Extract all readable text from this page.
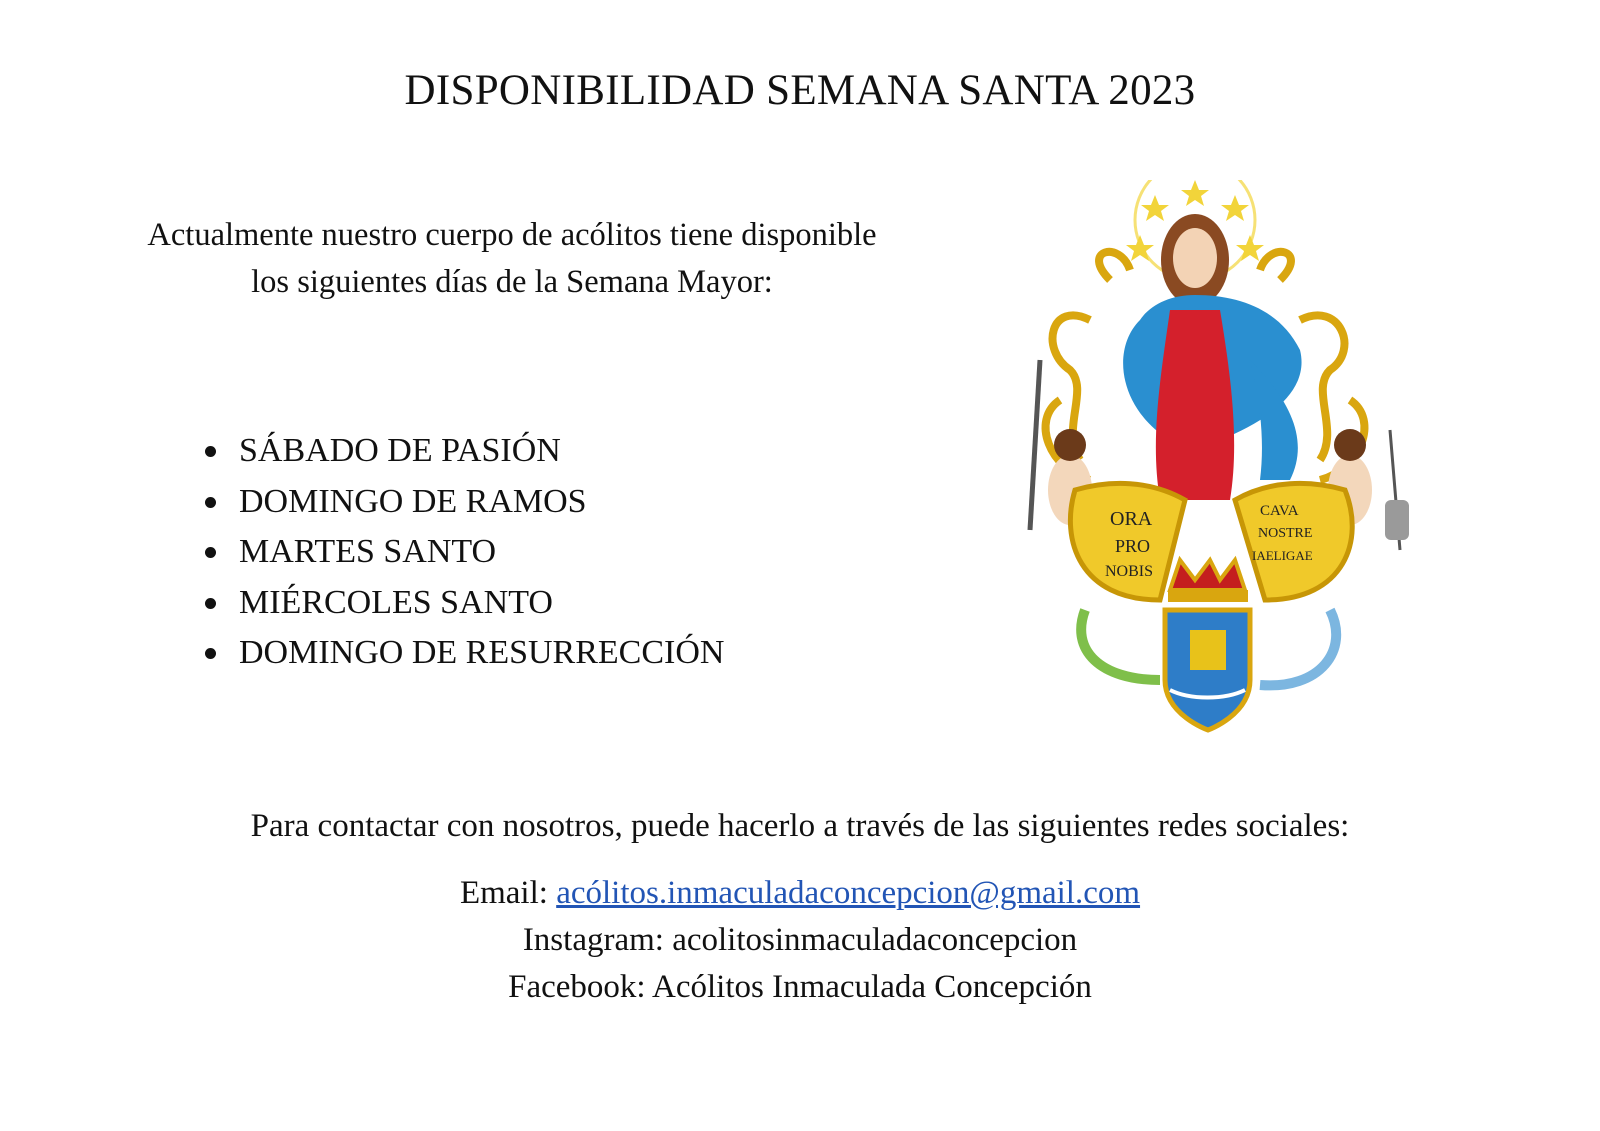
DISPONIBILIDAD SEMANA SANTA 2023
Actualmente nuestro cuerpo de acólitos tiene disponible
los siguientes días de la Semana Mayor:
SÁBADO DE PASIÓN
DOMINGO DE RAMOS
MARTES SANTO
MIÉRCOLES SANTO
DOMINGO DE RESURRECCIÓN
ORA
PRO
NOBIS
CAVA
NOSTRE
IAELIGAE
Para contactar con nosotros, puede hacerlo a través de las siguientes redes sociales:
Email: acólitos.inmaculadaconcepcion@gmail.com
Instagram: acolitosinmaculadaconcepcion
Facebook: Acólitos Inmaculada Concepción
